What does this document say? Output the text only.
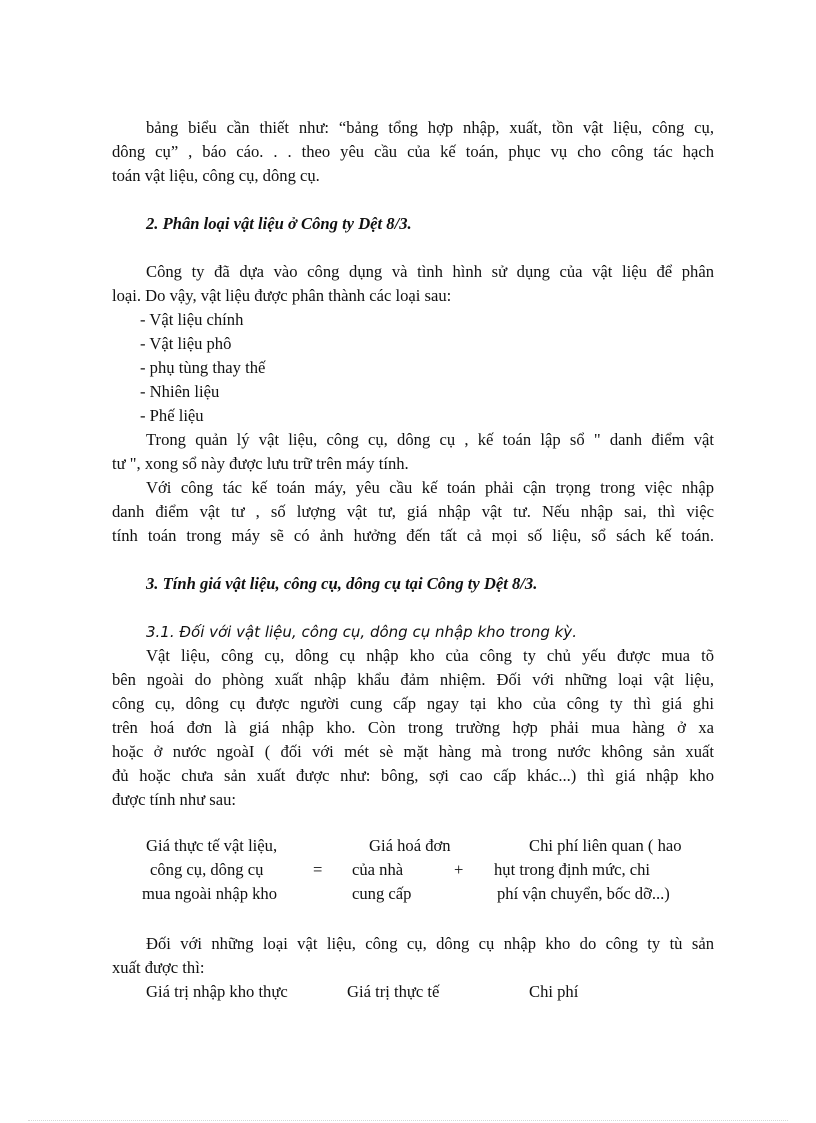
bảng biểu cần thiết như: “bảng tổng hợp nhập, xuất, tồn vật liệu, công cụ,
dông cụ” , báo cáo. . . theo yêu cầu của kế toán, phục vụ cho công tác hạch
toán vật liệu, công cụ, dông cụ.
2. Phân loại vật liệu ở Công ty Dệt 8/3.
Công ty đã dựa vào công dụng và tình hình sử dụng của vật liệu để phân
loại. Do vậy, vật liệu được phân thành các loại sau:
- Vật liệu chính
- Vật liệu phô
- phụ tùng thay thế
- Nhiên liệu
- Phế liệu
Trong quản lý vật liệu, công cụ, dông cụ , kế toán lập sổ " danh điểm vật
tư ", xong sổ này được lưu trữ trên máy tính.
Với công tác kế toán máy, yêu cầu kế toán phải cận trọng trong việc nhập
danh điểm vật tư , số lượng vật tư, giá nhập vật tư. Nếu nhập sai, thì việc
tính toán trong máy sẽ có ảnh hưởng đến tất cả mọi số liệu, sổ sách kế toán.
3. Tính giá vật liệu, công cụ, dông cụ tại Công ty Dệt 8/3.
3.1. Đối với vật liệu, công cụ, dông cụ nhập kho trong kỳ.
Vật liệu, công cụ, dông cụ nhập kho của công ty chủ yếu được mua tõ
bên ngoài do phòng xuất nhập khẩu đảm nhiệm. Đối với những loại vật liệu,
công cụ, dông cụ được người cung cấp ngay tại kho của công ty thì giá ghi
trên hoá đơn là giá nhập kho. Còn trong trường hợp phải mua hàng ở xa
hoặc ở nước ngoàI ( đối với mét sè mặt hàng mà trong nước không sản xuất
đủ hoặc chưa sản xuất được như: bông, sợi cao cấp khác...) thì giá nhập kho
được tính như sau:
Giá thực tế vật liệu,
công cụ, dông cụ
mua ngoài nhập kho
=
Giá hoá đơn
của nhà
cung cấp
+
Chi phí liên quan ( hao
hụt trong định mức, chi
phí vận chuyển, bốc dỡ...)
Đối với những loại vật liệu, công cụ, dông cụ nhập kho do công ty tù sản
xuất được thì:
Giá trị nhập kho thực	Giá trị thực tế	Chi phí
